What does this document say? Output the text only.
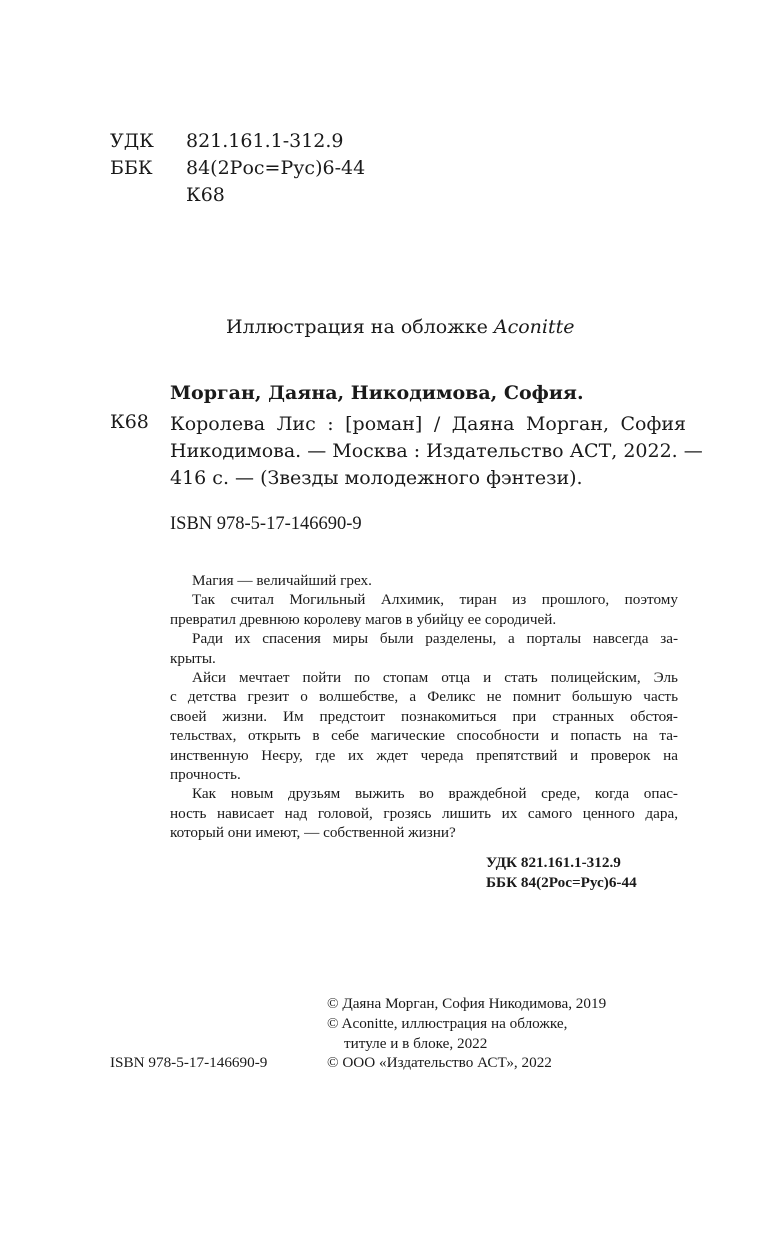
УДК 821.161.1-312.9
ББК 84(2Рос=Рус)6-44
К68
Иллюстрация на обложке Aconitte
Морган, Даяна, Никодимова, София.
К68 Королева Лис : [роман] / Даяна Морган, София
Никодимова. — Москва : Издательство АСТ, 2022. —
416 с. — (Звезды молодежного фэнтези).
ISBN 978-5-17-146690-9
Магия — величайший грех.
Так считал Могильный Алхимик, тиран из прошлого, поэтому
превратил древнюю королеву магов в убийцу ее сородичей.
Ради их спасения миры были разделены, а порталы навсегда за-
крыты.
Айси мечтает пойти по стопам отца и стать полицейским, Эль
с детства грезит о волшебстве, а Феликс не помнит большую часть
своей жизни. Им предстоит познакомиться при странных обстоя-
тельствах, открыть в себе магические способности и попасть на та-
инственную Неєру, где их ждет череда препятствий и проверок на
прочность.
Как новым друзьям выжить во враждебной среде, когда опас-
ность нависает над головой, грозясь лишить их самого ценного дара,
который они имеют, — собственной жизни?
УДК 821.161.1-312.9
ББК 84(2Рос=Рус)6-44
© Даяна Морган, София Никодимова, 2019
© Aconitte, иллюстрация на обложке,
титуле и в блоке, 2022
© ООО «Издательство АСТ», 2022
ISBN 978-5-17-146690-9
